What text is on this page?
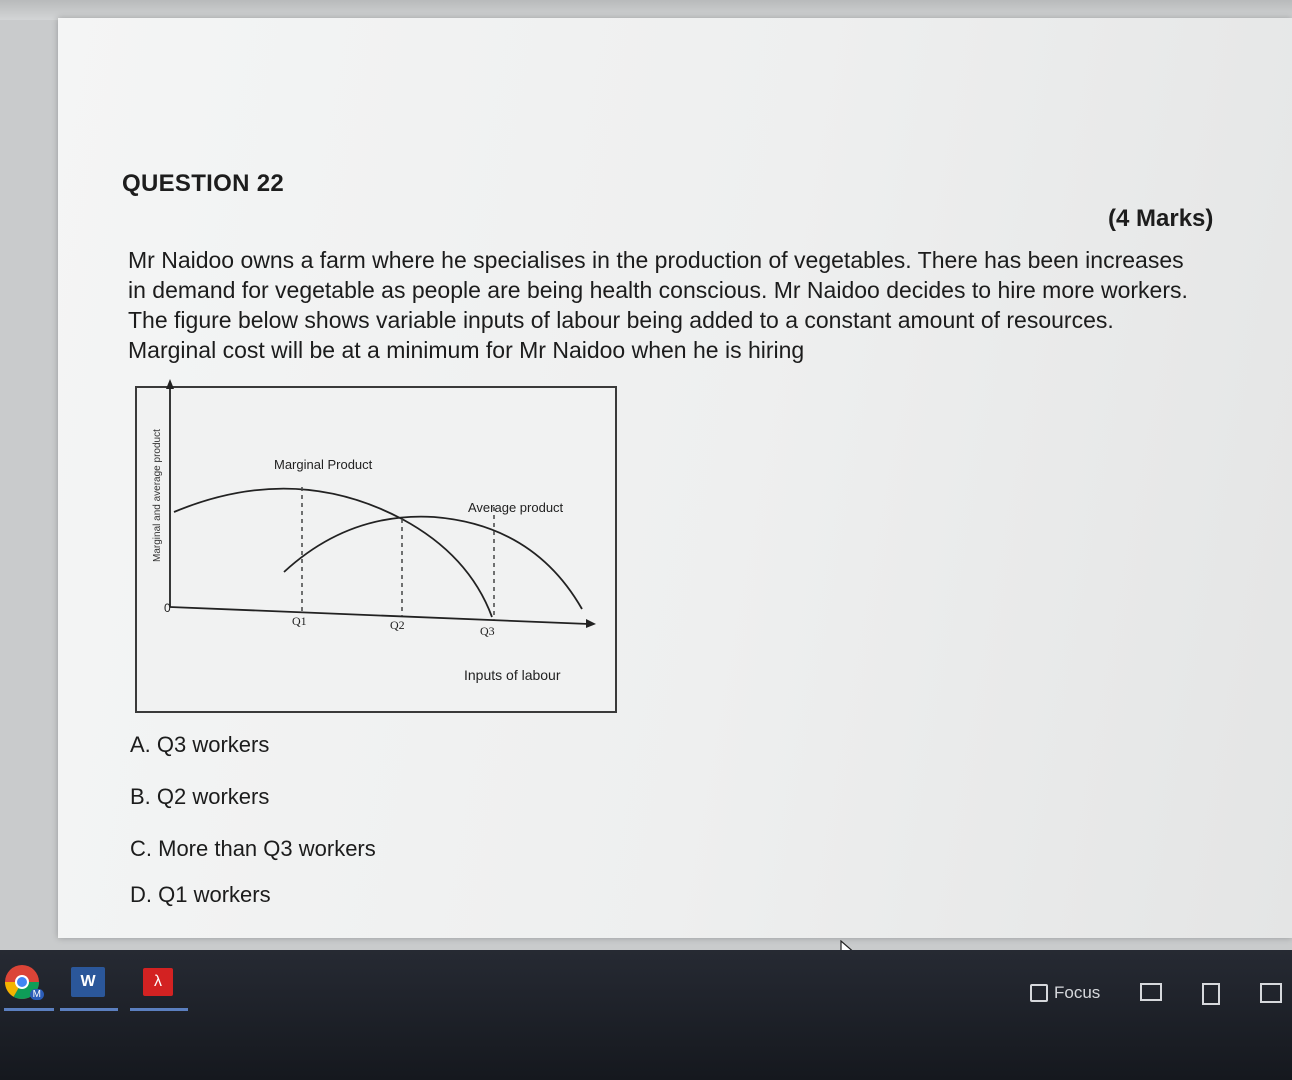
QUESTION 22
(4 Marks)

Mr Naidoo owns a farm where he specialises in the production of vegetables. There has been increases

in demand for vegetable as people are being health conscious. Mr Naidoo decides to hire more workers.

The figure below shows variable inputs of labour being added to a constant amount of resources.

Marginal cost will be at a minimum for Mr Naidoo when he is hiring

Marginal and average product
0
Marginal Product
Average product
Q1	Q2	Q3
Inputs of labour
A. Q3 workers
B. Q2 workers
C. More than Q3 workers
D. Q1 workers
M
W	λ
Focus
